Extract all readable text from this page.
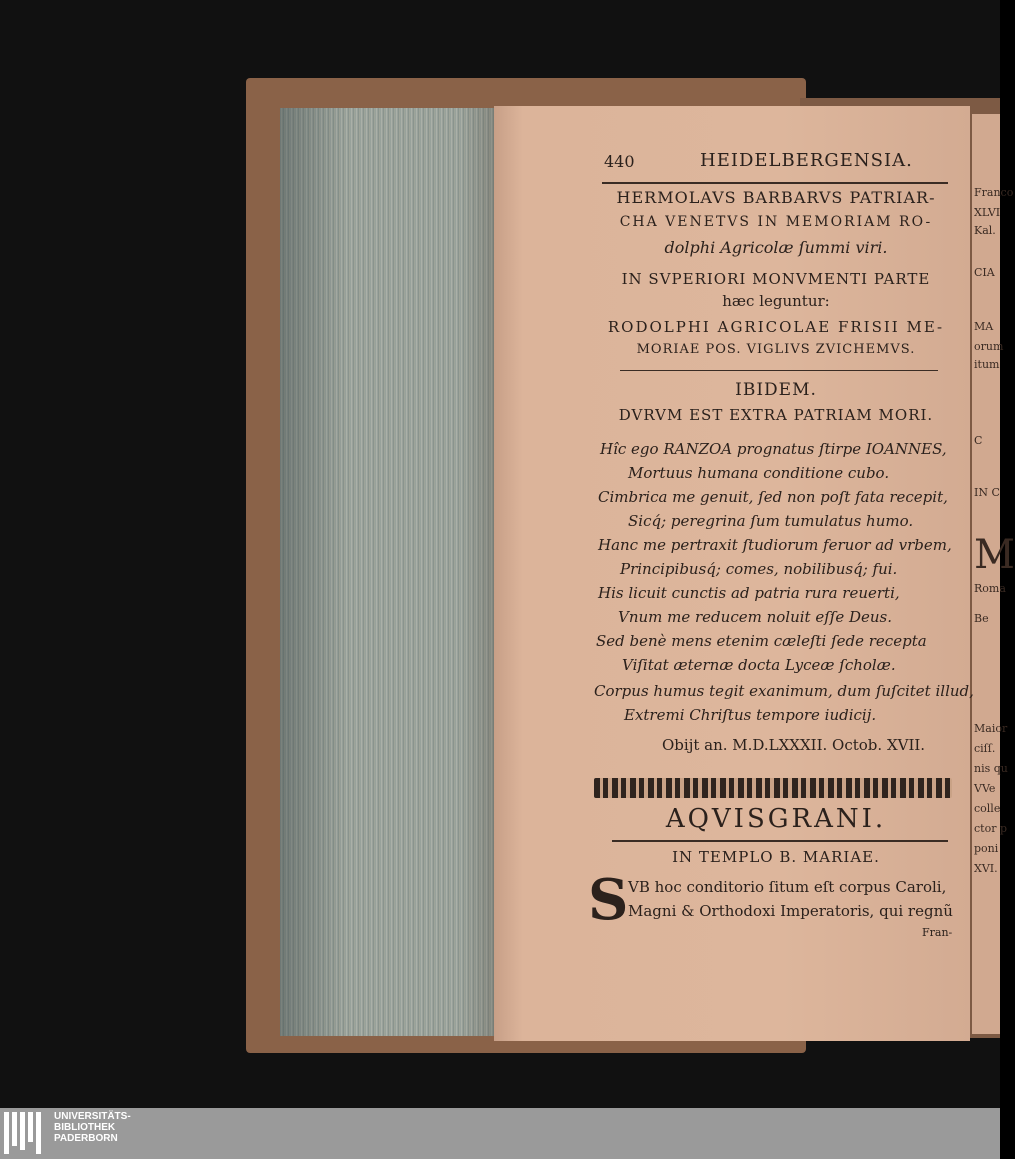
Franco
XLVI
Kal.
CIA
MA
orum
itum
C
IN C
M
Roma
Be
Maior
ciſſ.
nis qu
VVe
colle
ctor p
poni
XVI.
440	HEIDELBERGENSIA.
HERMOLAVS BARBARVS PATRIAR-
CHA VENETVS IN MEMORIAM RO-
dolphi Agricolæ ſummi viri.
IN SVPERIORI MONVMENTI PARTE
hæc leguntur:
RODOLPHI AGRICOLAE FRISII ME-
MORIAE POS. VIGLIVS ZVICHEMVS.
IBIDEM.
DVRVM EST EXTRA PATRIAM MORI.
Hîc ego RANZOA prognatus ſtirpe IOANNES,
Mortuus humana conditione cubo.
Cimbrica me genuit, ſed non poſt fata recepit,
Sicq́; peregrina ſum tumulatus humo.
Hanc me pertraxit ſtudiorum feruor ad vrbem,
Principibusq́; comes, nobilibusq́; fui.
His licuit cunctis ad patria rura reuerti,
Vnum me reducem noluit eſſe Deus.
Sed benè mens etenim cæleſti ſede recepta
Viſitat æternæ docta Lyceæ ſcholæ.
Corpus humus tegit exanimum, dum ſuſcitet illud,
Extremi Chriſtus tempore iudicij.
Obijt an. M.D.LXXXII. Octob. XVII.
AQVISGRANI.
IN TEMPLO B. MARIAE.
S VB hoc conditorio ſitum eſt corpus Caroli,
Magni & Orthodoxi Imperatoris, qui regnũ
Fran-
UNIVERSITÄTS-
BIBLIOTHEK
PADERBORN
